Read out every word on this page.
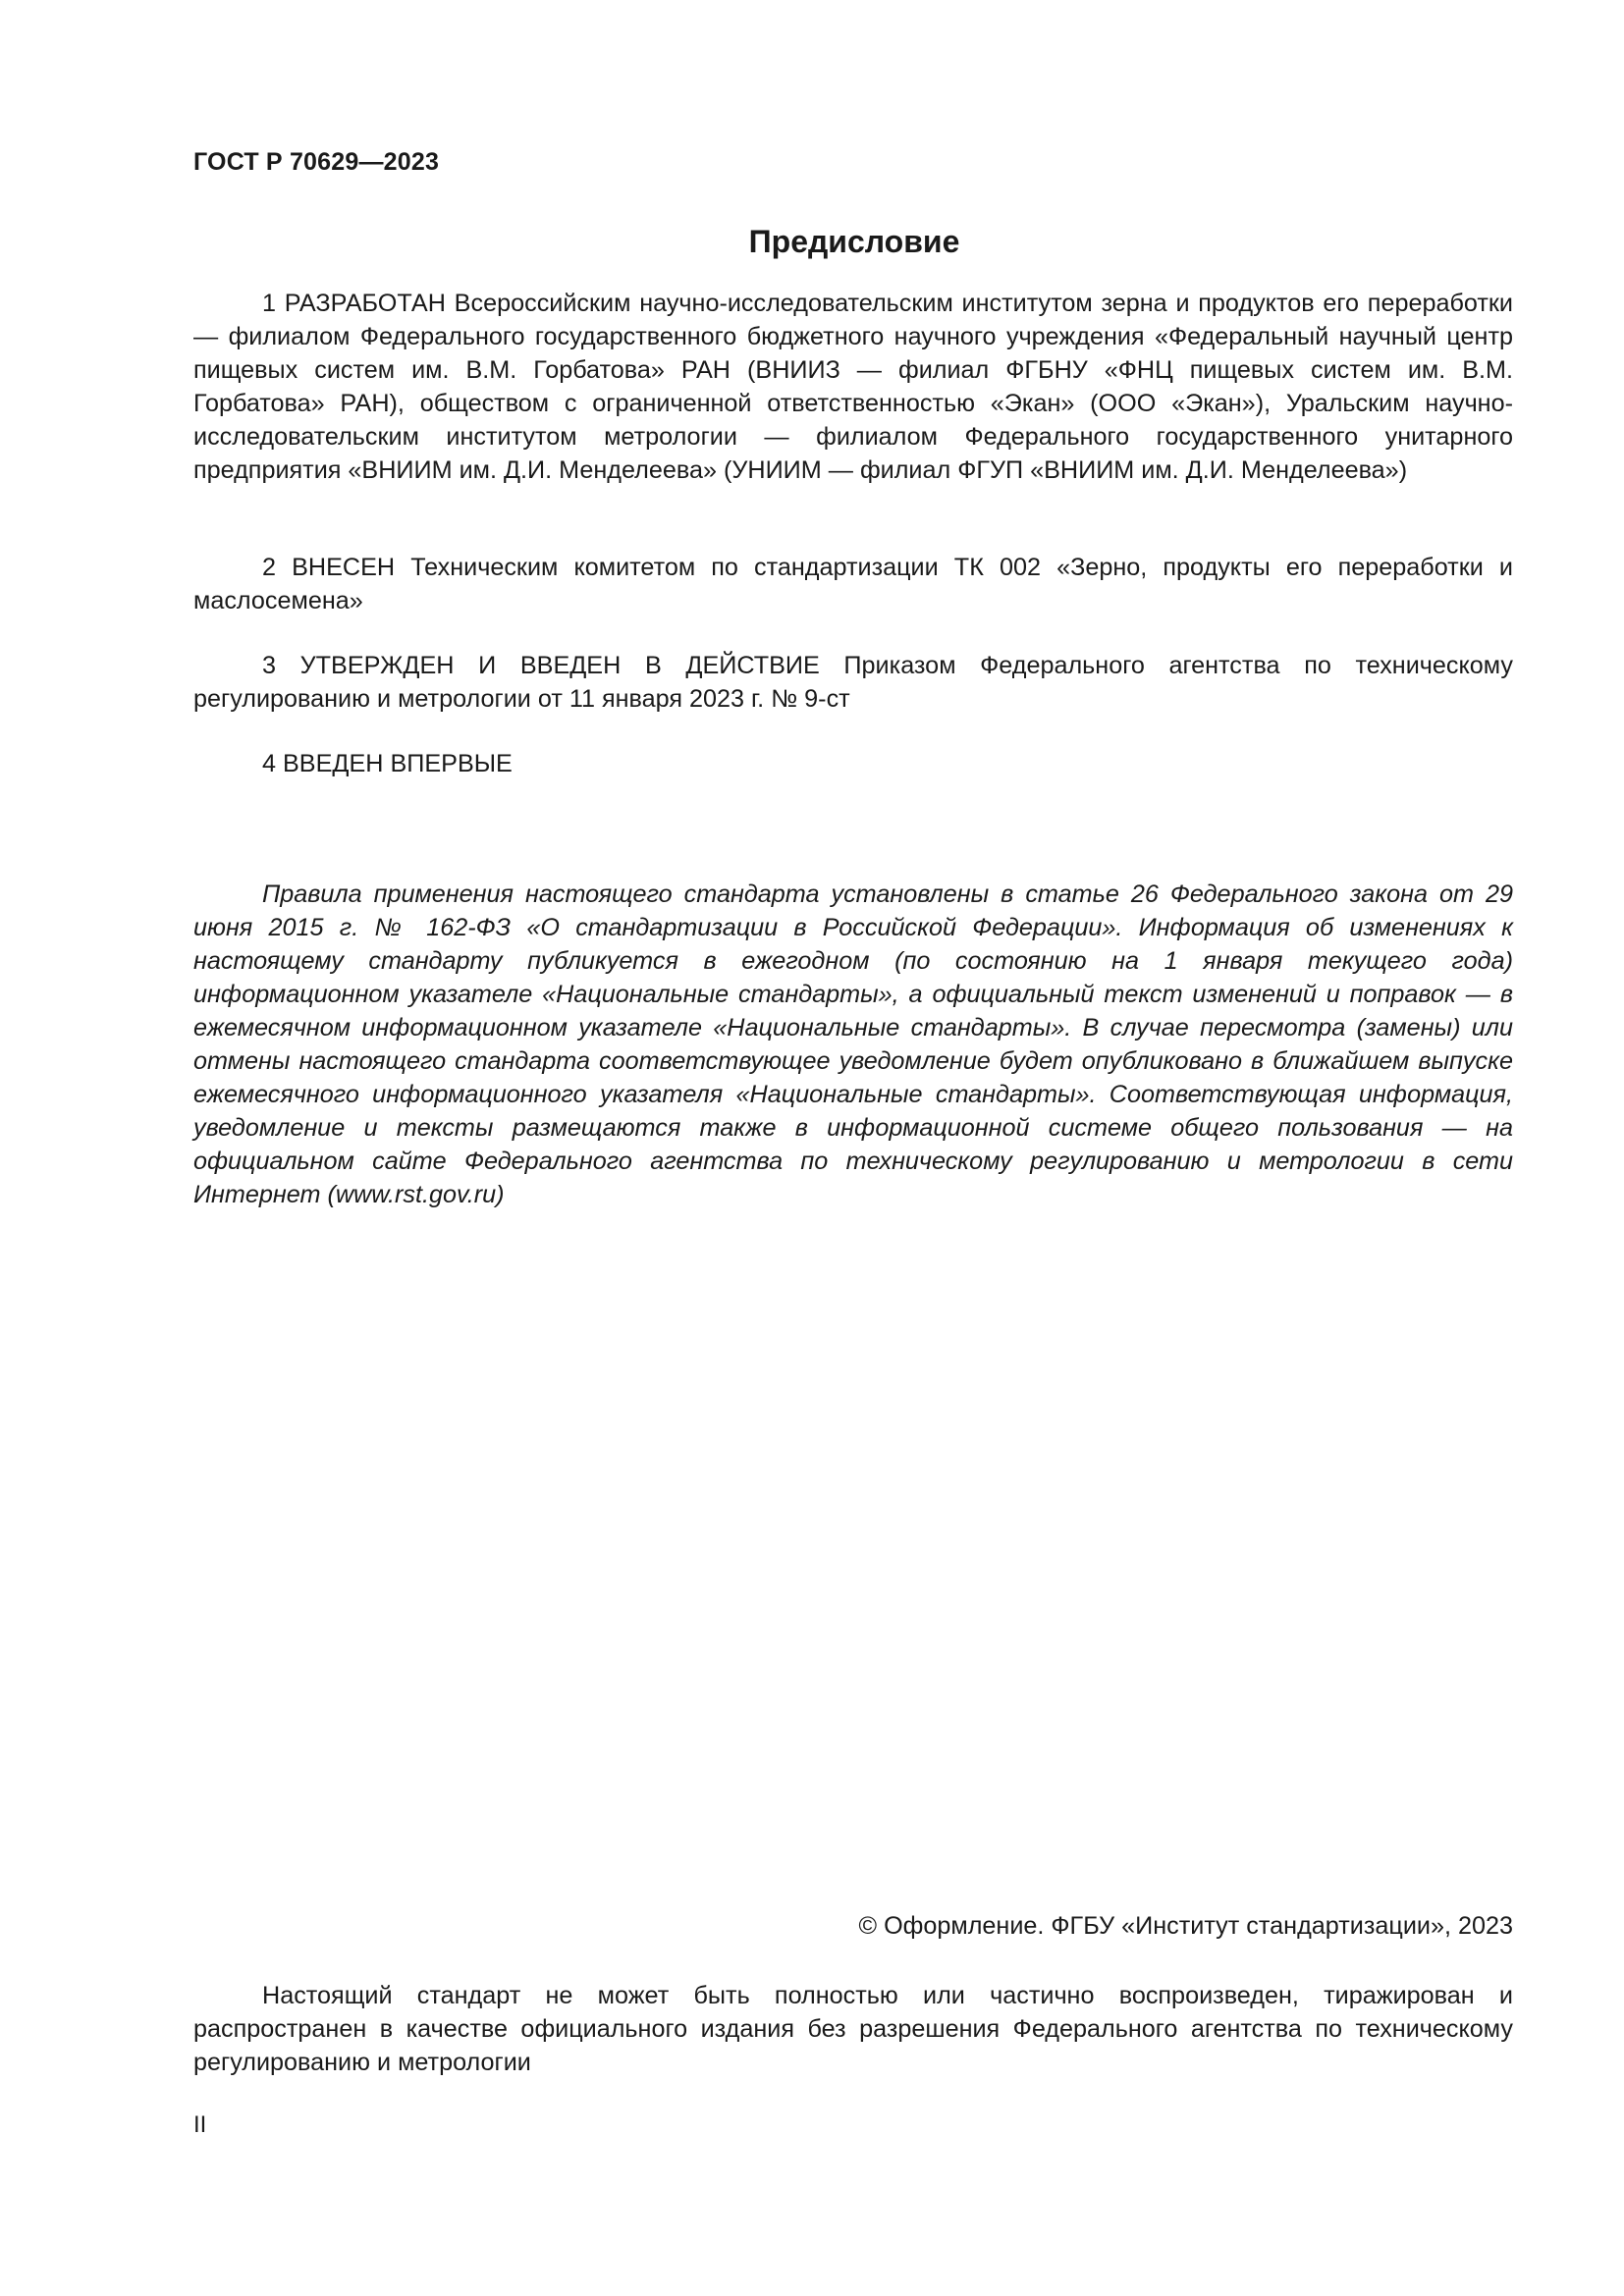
ГОСТ Р 70629—2023
Предисловие

1 РАЗРАБОТАН Всероссийским научно-исследовательским институтом зерна и продуктов его переработки — филиалом Федерального государственного бюджетного научного учреждения «Федеральный научный центр пищевых систем им. В.М. Горбатова» РАН (ВНИИЗ — филиал ФГБНУ «ФНЦ пищевых систем им. В.М. Горбатова» РАН), обществом с ограниченной ответственностью «Экан» (ООО «Экан»), Уральским научно-исследовательским институтом метрологии — филиалом Федерального государственного унитарного предприятия «ВНИИМ им. Д.И. Менделеева» (УНИИМ — филиал ФГУП «ВНИИМ им. Д.И. Менделеева»)

2 ВНЕСЕН Техническим комитетом по стандартизации ТК 002 «Зерно, продукты его переработки и маслосемена»

3 УТВЕРЖДЕН И ВВЕДЕН В ДЕЙСТВИЕ Приказом Федерального агентства по техническому регулированию и метрологии от 11 января 2023 г. № 9-ст

4 ВВЕДЕН ВПЕРВЫЕ

Правила применения настоящего стандарта установлены в статье 26 Федерального закона от 29 июня 2015 г. № 162-ФЗ «О стандартизации в Российской Федерации». Информация об изменениях к настоящему стандарту публикуется в ежегодном (по состоянию на 1 января текущего года) информационном указателе «Национальные стандарты», а официальный текст изменений и поправок — в ежемесячном информационном указателе «Национальные стандарты». В случае пересмотра (замены) или отмены настоящего стандарта соответствующее уведомление будет опубликовано в ближайшем выпуске ежемесячного информационного указателя «Национальные стандарты». Соответствующая информация, уведомление и тексты размещаются также в информационной системе общего пользования — на официальном сайте Федерального агентства по техническому регулированию и метрологии в сети Интернет (www.rst.gov.ru)

© Оформление. ФГБУ «Институт стандартизации», 2023

Настоящий стандарт не может быть полностью или частично воспроизведен, тиражирован и распространен в качестве официального издания без разрешения Федерального агентства по техническому регулированию и метрологии

II
